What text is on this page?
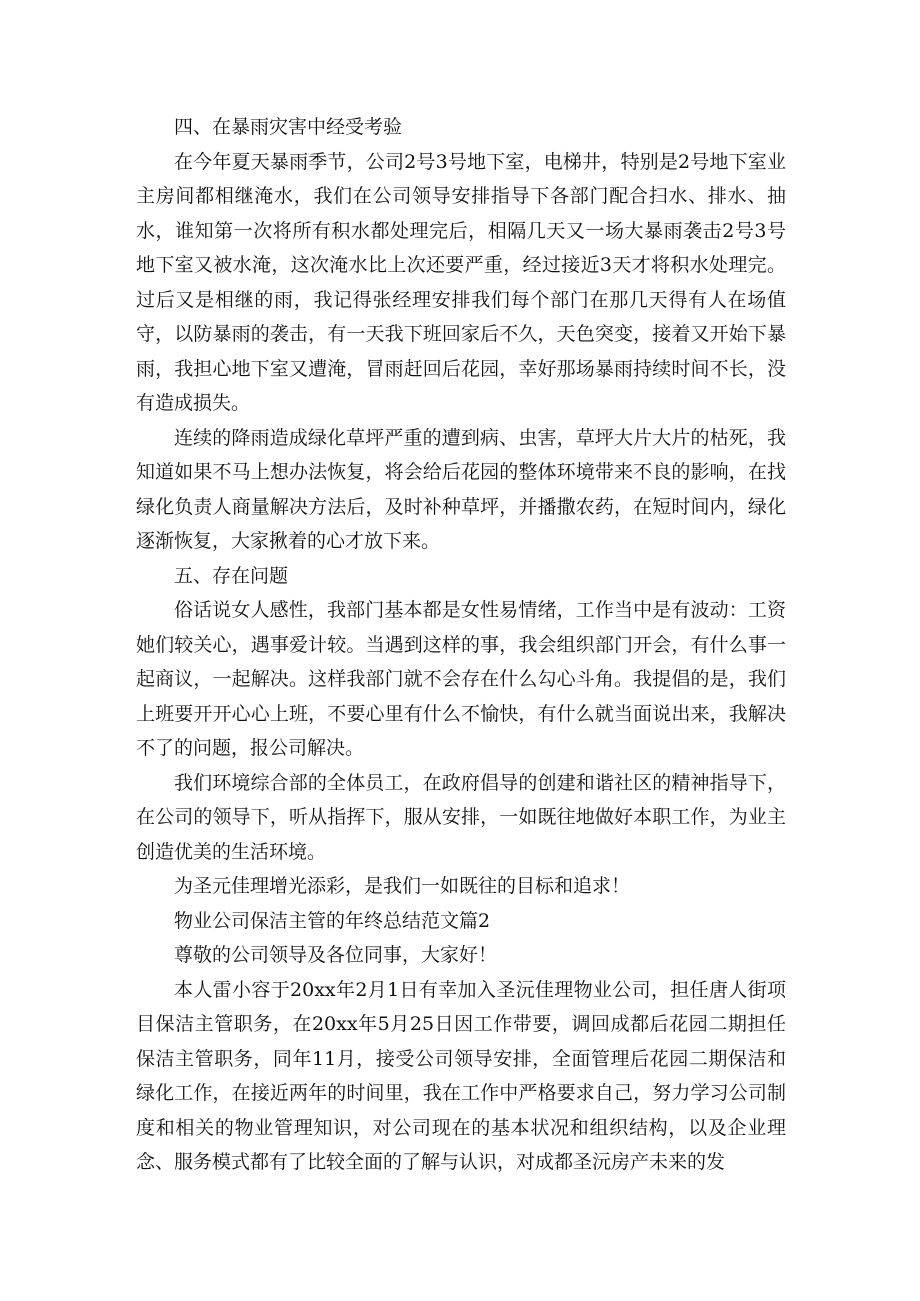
四、在暴雨灾害中经受考验

在今年夏天暴雨季节，公司2号3号地下室，电梯井，特别是2号地下室业主房间都相继淹水，我们在公司领导安排指导下各部门配合扫水、排水、抽水，谁知第一次将所有积水都处理完后，相隔几天又一场大暴雨袭击2号3号地下室又被水淹，这次淹水比上次还要严重，经过接近3天才将积水处理完。过后又是相继的雨，我记得张经理安排我们每个部门在那几天得有人在场值守，以防暴雨的袭击，有一天我下班回家后不久，天色突变，接着又开始下暴雨，我担心地下室又遭淹，冒雨赶回后花园，幸好那场暴雨持续时间不长，没有造成损失。

连续的降雨造成绿化草坪严重的遭到病、虫害，草坪大片大片的枯死，我知道如果不马上想办法恢复，将会给后花园的整体环境带来不良的影响，在找绿化负责人商量解决方法后，及时补种草坪，并播撒农药，在短时间内，绿化逐渐恢复，大家揪着的心才放下来。

五、存在问题

俗话说女人感性，我部门基本都是女性易情绪，工作当中是有波动：工资她们较关心，遇事爱计较。当遇到这样的事，我会组织部门开会，有什么事一起商议，一起解决。这样我部门就不会存在什么勾心斗角。我提倡的是，我们上班要开开心心上班，不要心里有什么不愉快，有什么就当面说出来，我解决不了的问题，报公司解决。

我们环境综合部的全体员工，在政府倡导的创建和谐社区的精神指导下，在公司的领导下，听从指挥下，服从安排，一如既往地做好本职工作，为业主创造优美的生活环境。

为圣元佳理增光添彩，是我们一如既往的目标和追求！

物业公司保洁主管的年终总结范文篇2

尊敬的公司领导及各位同事，大家好！

本人雷小容于20xx年2月1日有幸加入圣沅佳理物业公司，担任唐人街项目保洁主管职务，在20xx年5月25日因工作带要，调回成都后花园二期担任保洁主管职务，同年11月，接受公司领导安排，全面管理后花园二期保洁和绿化工作，在接近两年的时间里，我在工作中严格要求自己，努力学习公司制度和相关的物业管理知识，对公司现在的基本状况和组织结构，以及企业理念、服务模式都有了比较全面的了解与认识，对成都圣沅房产未来的发
